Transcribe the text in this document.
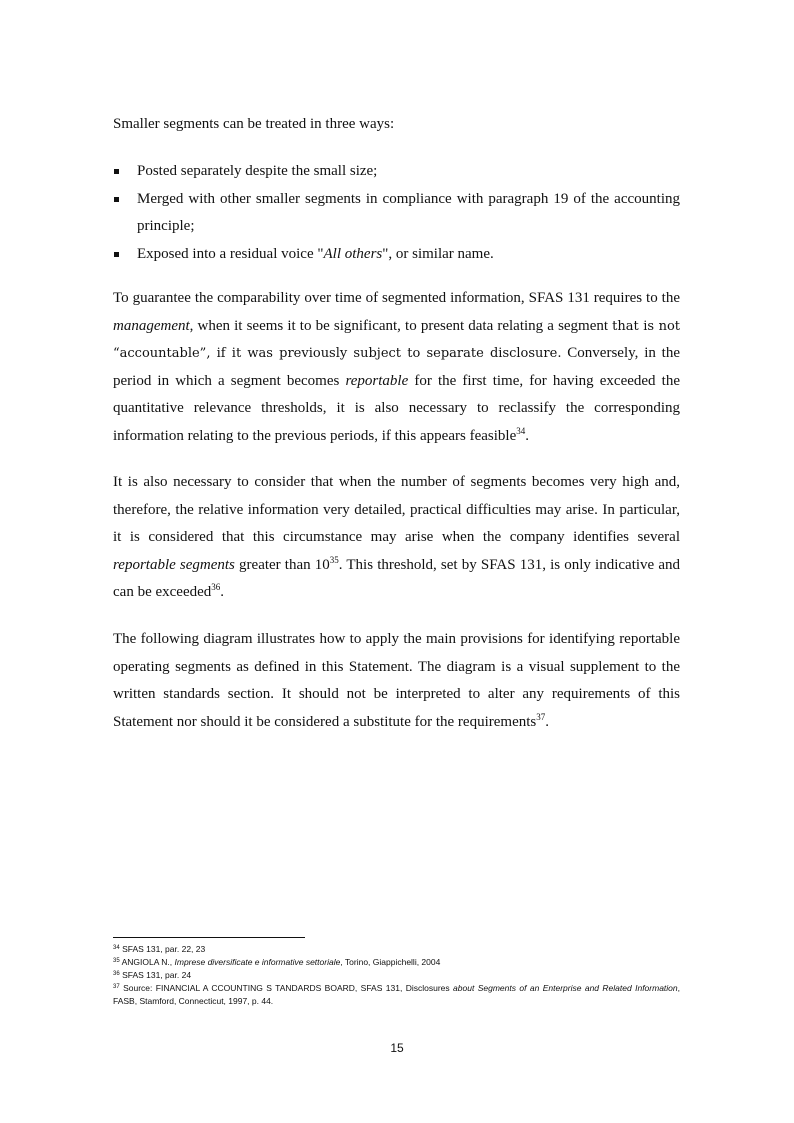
Smaller segments can be treated in three ways:

Posted separately despite the small size;
Merged with other smaller segments in compliance with paragraph 19 of the accounting principle;
Exposed into a residual voice "All others", or similar name.

To guarantee the comparability over time of segmented information, SFAS 131 requires to the management, when it seems it to be significant, to present data relating a segment that is not “accountable”, if it was previously subject to separate disclosure. Conversely, in the period in which a segment becomes reportable for the first time, for having exceeded the quantitative relevance thresholds, it is also necessary to reclassify the corresponding information relating to the previous periods, if this appears feasible$^{34}$.

It is also necessary to consider that when the number of segments becomes very high and, therefore, the relative information very detailed, practical difficulties may arise. In particular, it is considered that this circumstance may arise when the company identifies several reportable segments greater than $10^{35}$. This threshold, set by SFAS 131, is only indicative and can be exceeded$^{36}$.

The following diagram illustrates how to apply the main provisions for identifying reportable operating segments as defined in this Statement. The diagram is a visual supplement to the written standards section. It should not be interpreted to alter any requirements of this Statement nor should it be considered a substitute for the requirements$^{37}$.

$^{34}$ SFAS 131, par. 22, 23
$^{35}$ ANGIOLA N., Imprese diversificate e informative settoriale, Torino, Giappichelli, 2004
$^{36}$ SFAS 131, par. 24
$^{37}$ Source: FINANCIAL A CCOUNTING S TANDARDS BOARD, SFAS 131, Disclosures about Segments of an Enterprise and Related Information, FASB, Stamford, Connecticut, 1997, p. 44.
15
